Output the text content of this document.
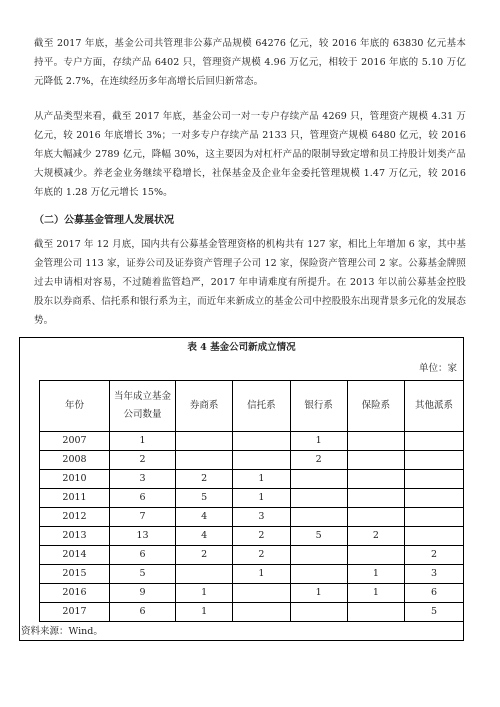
截至 2017 年底，基金公司共管理非公募产品规模 64276 亿元，较 2016 年底的 63830 亿元基本持平。专户方面，存续产品 6402 只，管理资产规模 4.96 万亿元，相较于 2016 年底的 5.10 万亿元降低 2.7%，在连续经历多年高增长后回归新常态。

从产品类型来看，截至 2017 年底，基金公司一对一专户存续产品 4269 只，管理资产规模 4.31 万亿元，较 2016 年底增长 3%；一对多专户存续产品 2133 只，管理资产规模 6480 亿元，较 2016 年底大幅减少 2789 亿元，降幅 30%，这主要因为对杠杆产品的限制导致定增和员工持股计划类产品大规模减少。养老金业务继续平稳增长，社保基金及企业年金委托管理规模 1.47 万亿元，较 2016 年底的 1.28 万亿元增长 15%。

（二）公募基金管理人发展状况

截至 2017 年 12 月底，国内共有公募基金管理资格的机构共有 127 家，相比上年增加 6 家，其中基金管理公司 113 家，证券公司及证券资产管理子公司 12 家，保险资产管理公司 2 家。公募基金牌照过去申请相对容易，不过随着监管趋严，2017 年申请难度有所提升。在 2013 年以前公募基金控股股东以券商系、信托系和银行系为主，而近年来新成立的基金公司中控股股东出现背景多元化的发展态势。

表 4 基金公司新成立情况
单位：家
年份	当年成立基金公司数量	券商系	信托系	银行系	保险系	其他派系
2007	1			1		
2008	2			2		
2010	3	2	1			
2011	6	5	1			
2012	7	4	3			
2013	13	4	2	5	2	
2014	6	2	2			2
2015	5		1		1	3
2016	9	1		1	1	6
2017	6	1				5
资料来源：Wind。
